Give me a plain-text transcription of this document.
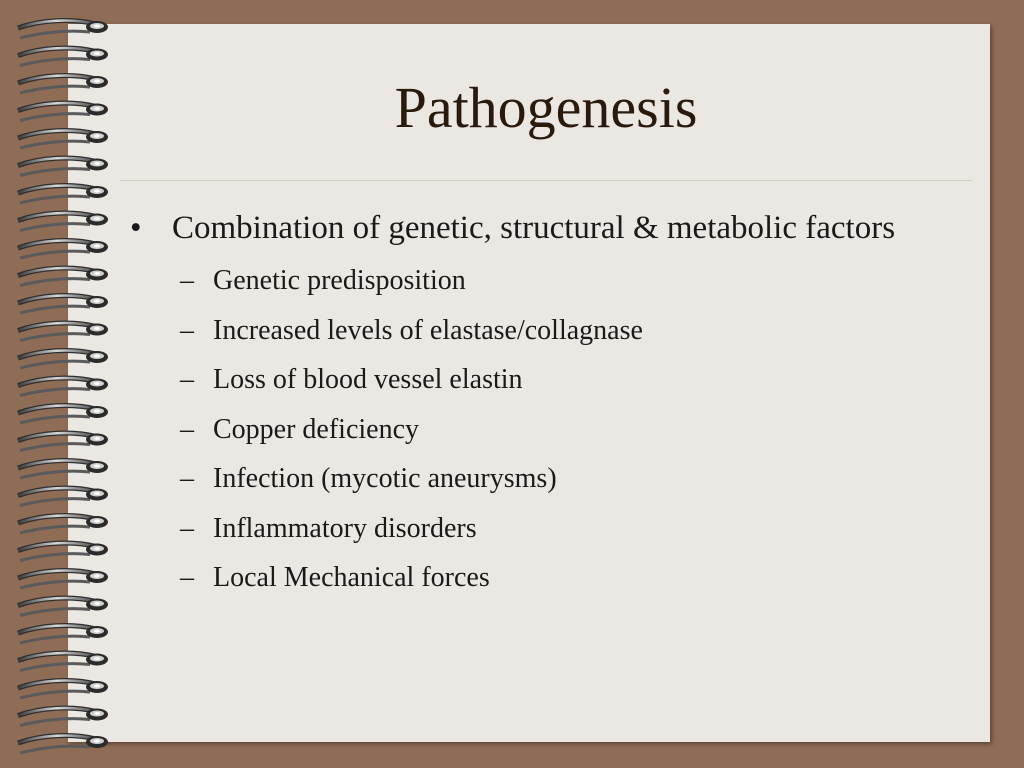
Pathogenesis
• Combination of genetic, structural & metabolic factors
– Genetic predisposition
– Increased levels of elastase/collagnase
– Loss of blood vessel elastin
– Copper deficiency
– Infection (mycotic aneurysms)
– Inflammatory disorders
– Local Mechanical forces
